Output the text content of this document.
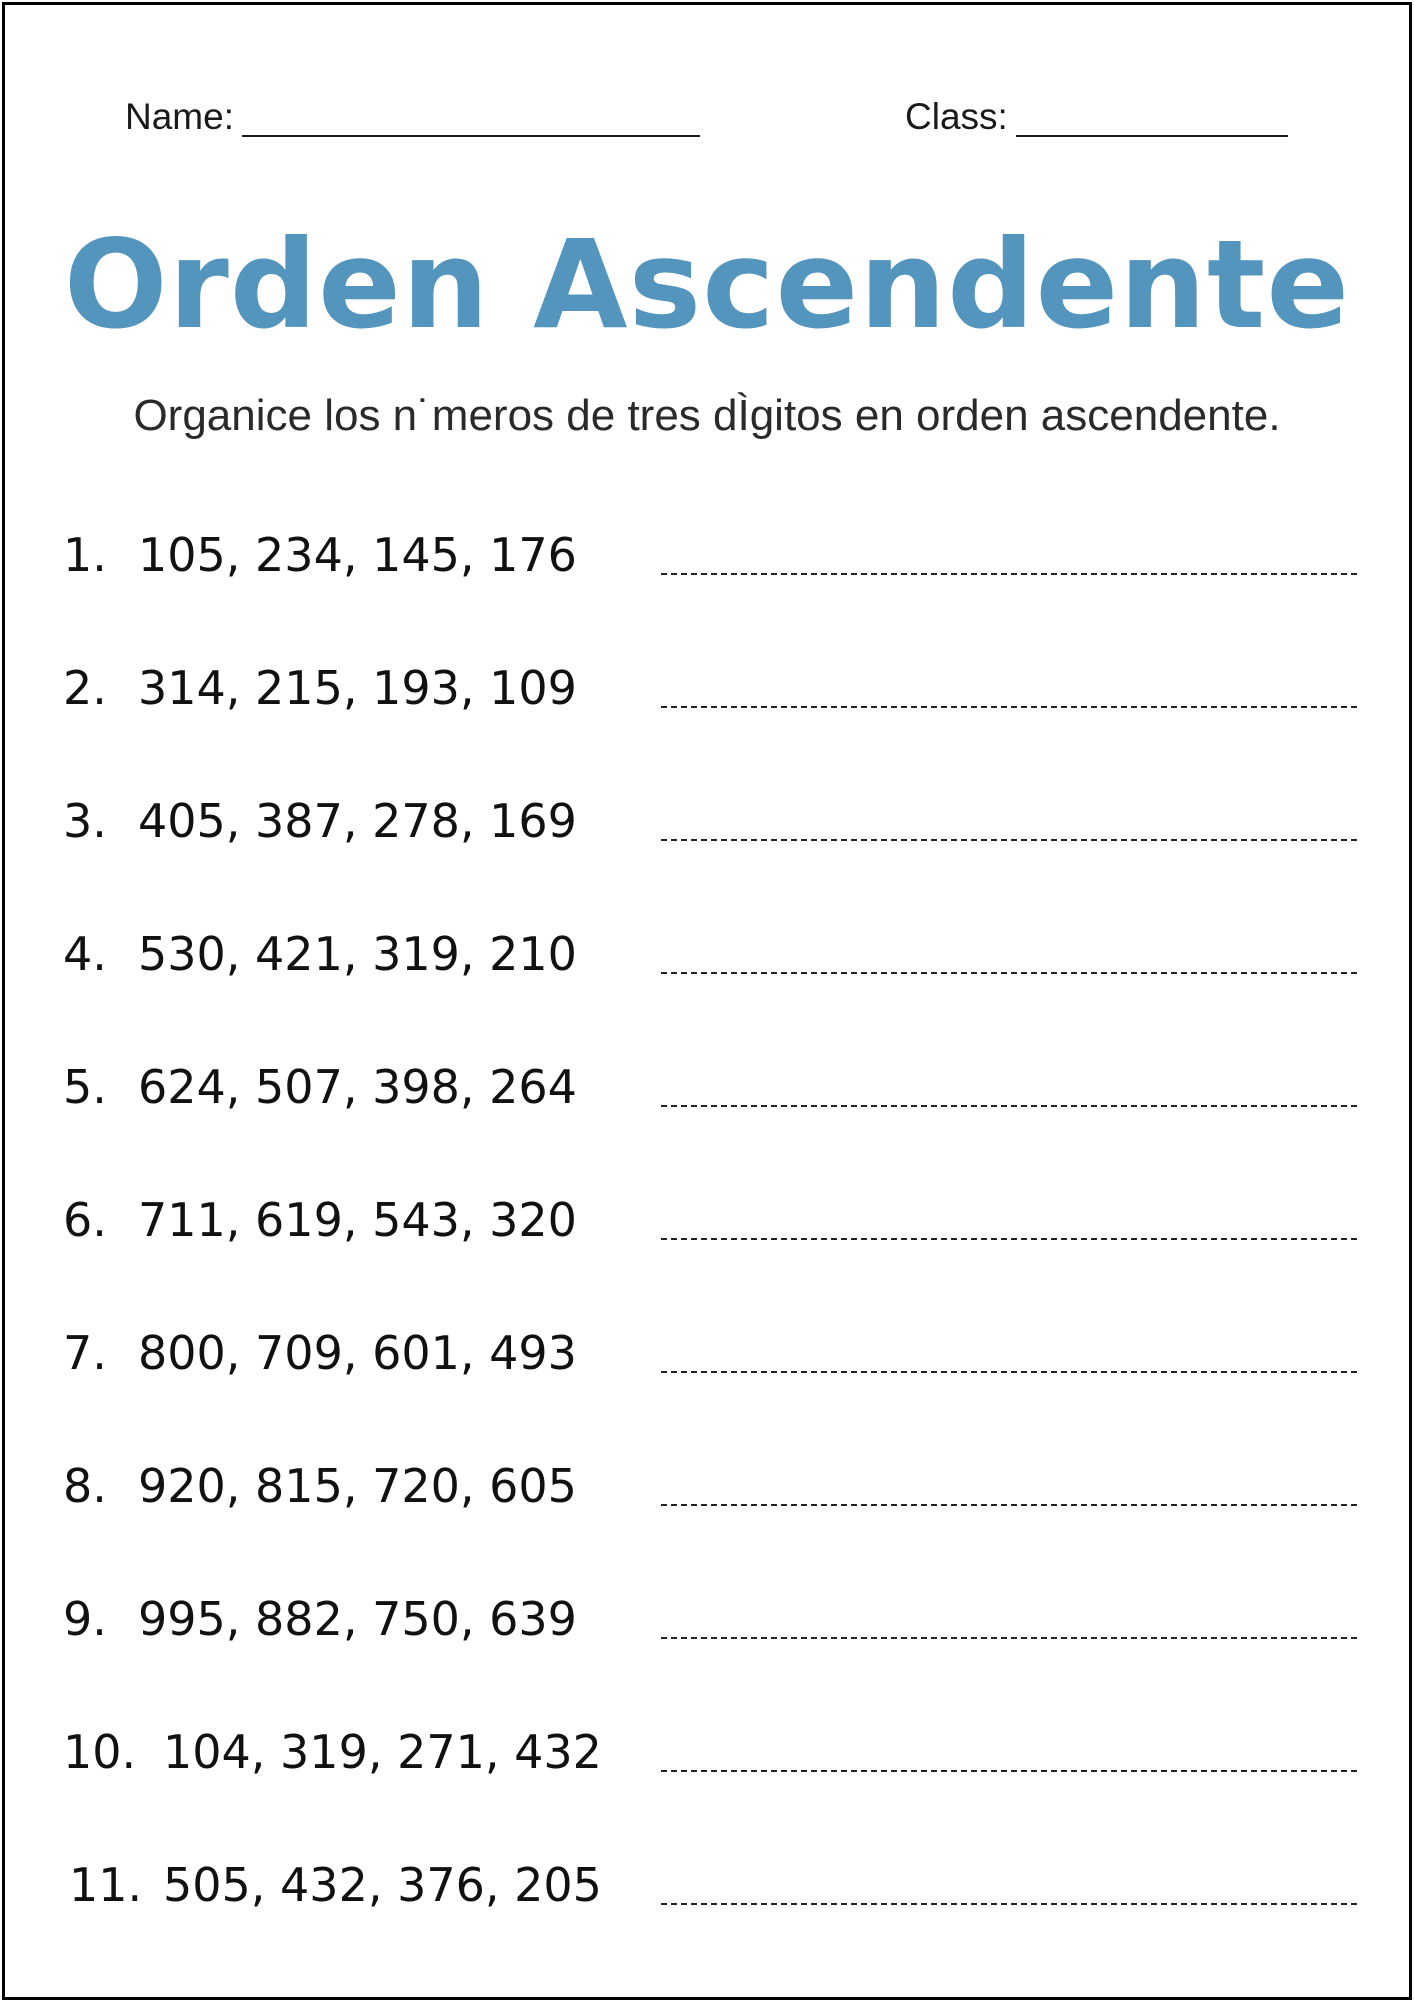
Name:	Class:
Orden Ascendente
Organice los n˙meros de tres dÌgitos en orden ascendente.
1. 105, 234, 145, 176
2. 314, 215, 193, 109
3. 405, 387, 278, 169
4. 530, 421, 319, 210
5. 624, 507, 398, 264
6. 711, 619, 543, 320
7. 800, 709, 601, 493
8. 920, 815, 720, 605
9. 995, 882, 750, 639
10. 104, 319, 271, 432
11. 505, 432, 376, 205
